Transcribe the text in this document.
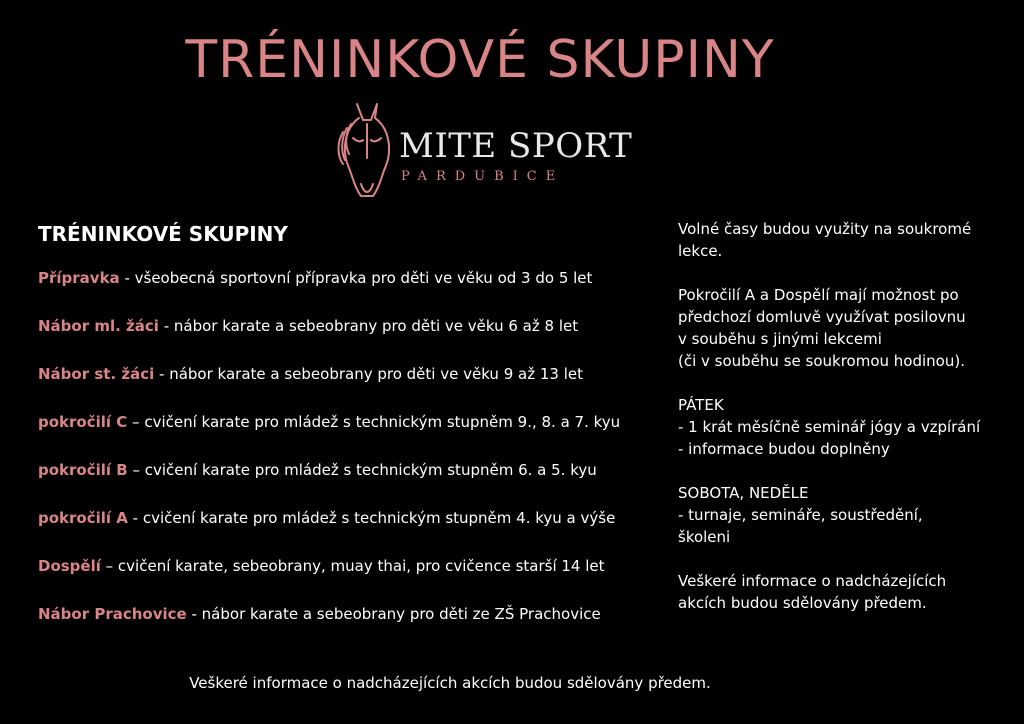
TRÉNINKOVÉ SKUPINY
MITE SPORT
PARDUBICE
TRÉNINKOVÉ SKUPINY
Přípravka - všeobecná sportovní přípravka pro děti ve věku od 3 do 5 let
Nábor ml. žáci - nábor karate a sebeobrany pro děti ve věku 6 až 8 let
Nábor st. žáci - nábor karate a sebeobrany pro děti ve věku 9 až 13 let
pokročilí C – cvičení karate pro mládež s technickým stupněm 9., 8. a 7. kyu
pokročilí B – cvičení karate pro mládež s technickým stupněm 6. a 5. kyu
pokročilí A - cvičení karate pro mládež s technickým stupněm 4. kyu a výše
Dospělí – cvičení karate, sebeobrany, muay thai, pro cvičence starší 14 let
Nábor Prachovice - nábor karate a sebeobrany pro děti ze ZŠ Prachovice
Volné časy budou využity na soukromé
lekce.
Pokročilí A a Dospělí mají možnost po
předchozí domluvě využívat posilovnu
v souběhu s jinými lekcemi
(či v souběhu se soukromou hodinou).
PÁTEK
- 1 krát měsíčně seminář jógy a vzpírání
- informace budou doplněny
SOBOTA, NEDĚLE
- turnaje, semináře, soustředění,
školeni
Veškeré informace o nadcházejících
akcích budou sdělovány předem.
Veškeré informace o nadcházejících akcích budou sdělovány předem.
